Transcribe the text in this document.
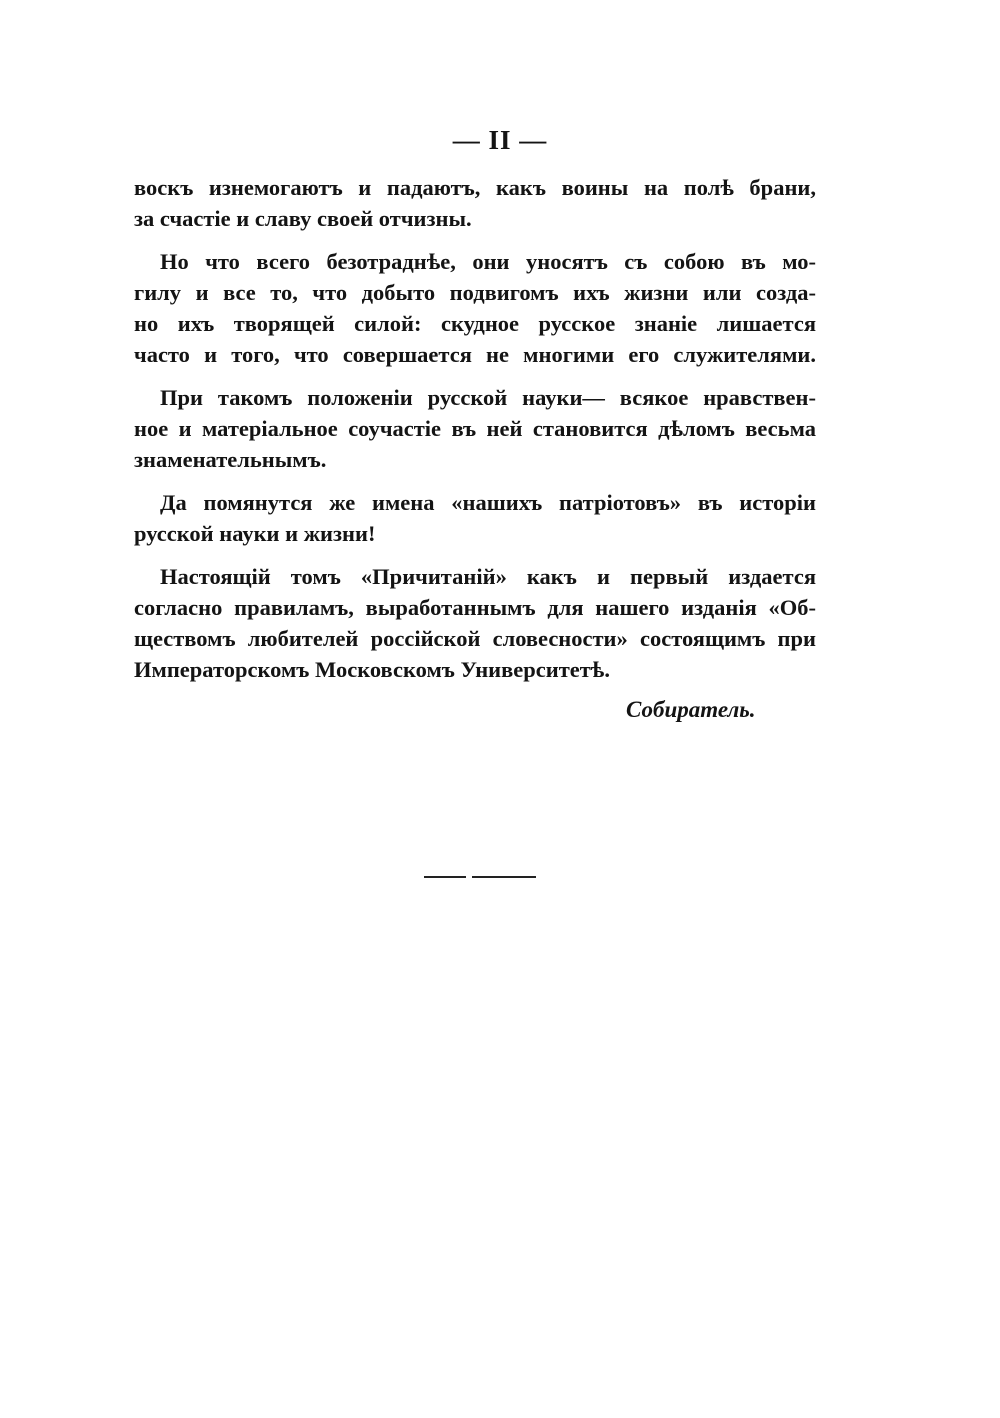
— II —
воскъ изнемогаютъ и падаютъ, какъ воины на полѣ брани,
за счастіе и славу своей отчизны.
Но что всего безотраднѣе, они уносятъ съ собою въ мо-
гилу и все то, что добыто подвигомъ ихъ жизни или созда-
но ихъ творящей силой: скудное русское знаніе лишается
часто и того, что совершается не многими его служителями.
При такомъ положеніи русской науки— всякое нравствен-
ное и матеріальное соучастіе въ ней становится дѣломъ весьма
знаменательнымъ.
Да помянутся же имена «нашихъ патріотовъ» въ исторіи
русской науки и жизни!
Настоящій томъ «Причитаній» какъ и первый издается
согласно правиламъ, выработаннымъ для нашего изданія «Об-
ществомъ любителей россійской словесности» состоящимъ при
Императорскомъ Московскомъ Университетѣ.
Собиратель.
